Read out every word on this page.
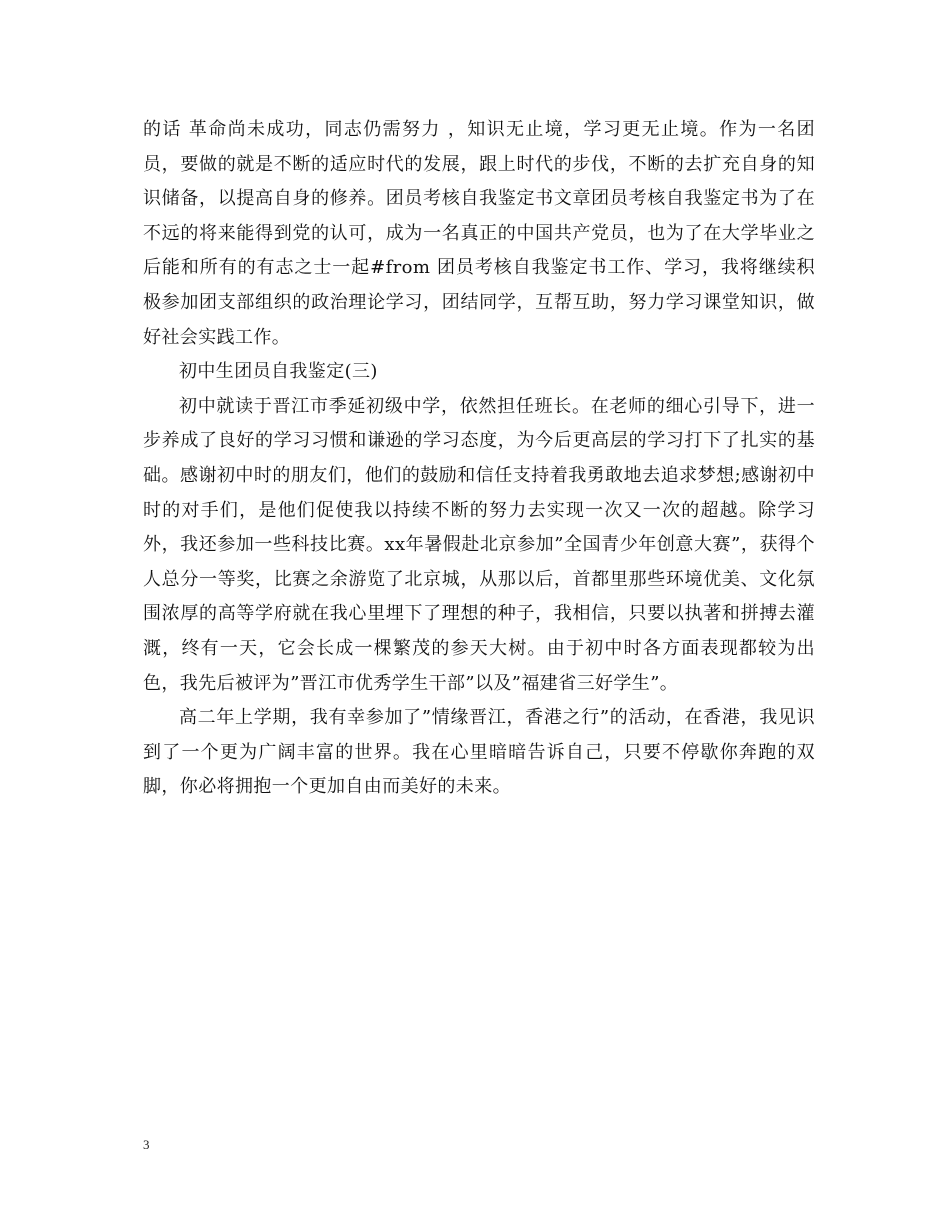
的话 革命尚未成功，同志仍需努力 ，知识无止境，学习更无止境。作为一名团员，要做的就是不断的适应时代的发展，跟上时代的步伐，不断的去扩充自身的知识储备，以提高自身的修养。团员考核自我鉴定书文章团员考核自我鉴定书为了在不远的将来能得到党的认可，成为一名真正的中国共产党员，也为了在大学毕业之后能和所有的有志之士一起#from 团员考核自我鉴定书工作、学习，我将继续积极参加团支部组织的政治理论学习，团结同学，互帮互助，努力学习课堂知识，做好社会实践工作。

初中生团员自我鉴定(三)

初中就读于晋江市季延初级中学，依然担任班长。在老师的细心引导下，进一步养成了良好的学习习惯和谦逊的学习态度，为今后更高层的学习打下了扎实的基础。感谢初中时的朋友们，他们的鼓励和信任支持着我勇敢地去追求梦想;感谢初中时的对手们，是他们促使我以持续不断的努力去实现一次又一次的超越。除学习外，我还参加一些科技比赛。xx年暑假赴北京参加”全国青少年创意大赛”，获得个人总分一等奖，比赛之余游览了北京城，从那以后，首都里那些环境优美、文化氛围浓厚的高等学府就在我心里埋下了理想的种子，我相信，只要以执著和拼搏去灌溉，终有一天，它会长成一棵繁茂的参天大树。由于初中时各方面表现都较为出色，我先后被评为”晋江市优秀学生干部”以及”福建省三好学生”。

高二年上学期，我有幸参加了”情缘晋江，香港之行”的活动，在香港，我见识到了一个更为广阔丰富的世界。我在心里暗暗告诉自己，只要不停歇你奔跑的双脚，你必将拥抱一个更加自由而美好的未来。

3
